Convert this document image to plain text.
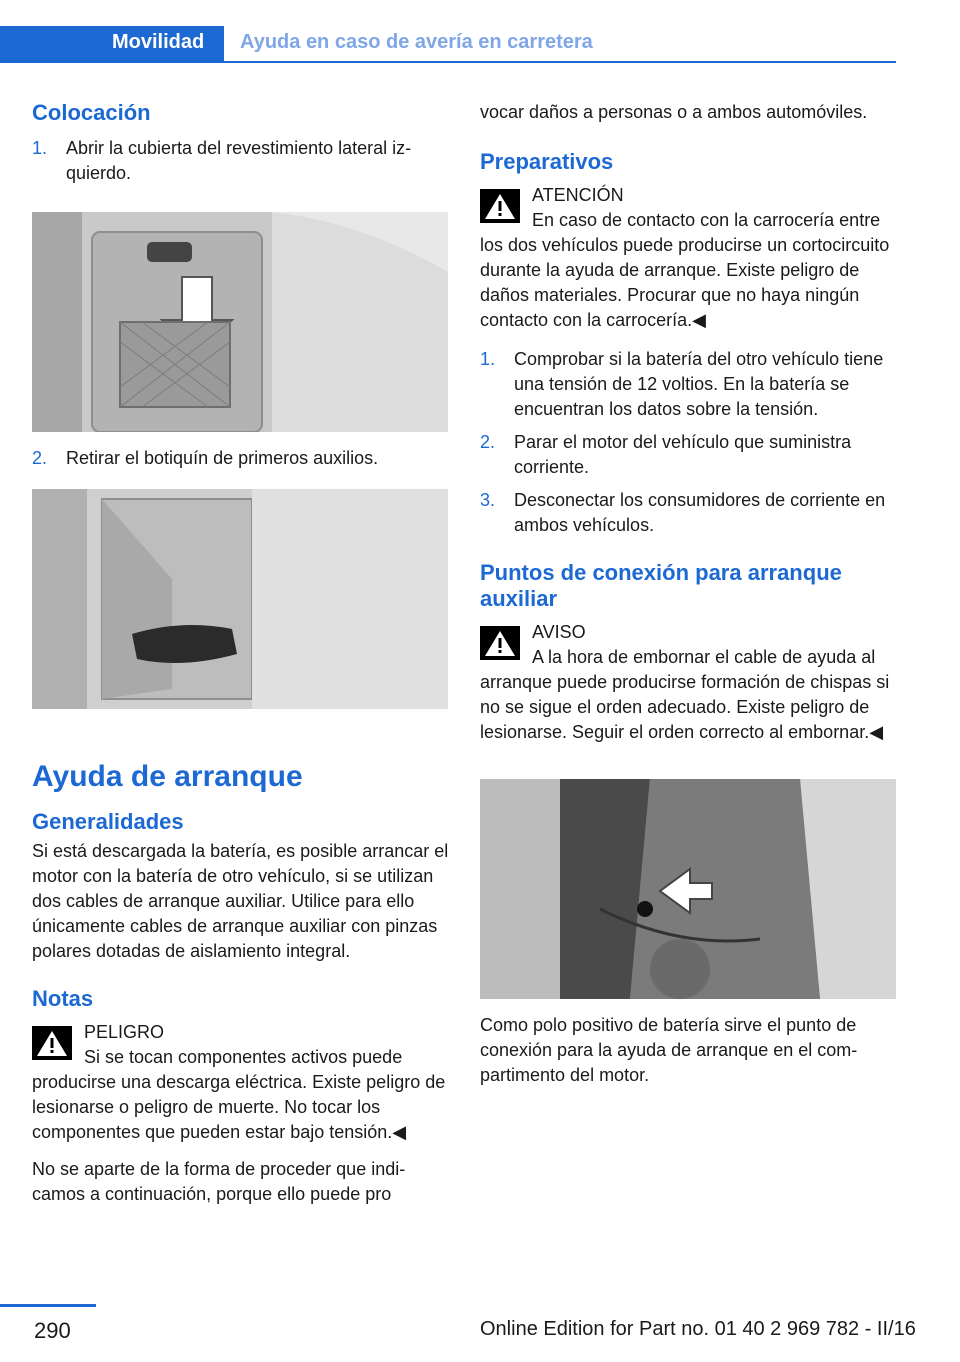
Movilidad Ayuda en caso de avería en carretera
Colocación
1. Abrir la cubierta del revestimiento lateral izquierdo.
2. Retirar el botiquín de primeros auxilios.
Ayuda de arranque
Generalidades

Si está descargada la batería, es posible arrancar el motor con la batería de otro vehículo, si se utilizan dos cables de arranque auxiliar. Utilice para ello únicamente cables de arranque auxiliar con pinzas polares dotadas de aislamiento integral.

Notas
PELIGRO
Si se tocan componentes activos puede producirse una descarga eléctrica. Existe peligro de lesionarse o peligro de muerte. No tocar los componentes que pueden estar bajo tensión.◀

No se aparte de la forma de proceder que indicamos a continuación, porque ello puede pro

vocar daños a personas o a ambos automóviles.

Preparativos
ATENCIÓN
En caso de contacto con la carrocería entre los dos vehículos puede producirse un cortocircuito durante la ayuda de arranque. Existe peligro de daños materiales. Procurar que no haya ningún contacto con la carrocería.◀
1. Comprobar si la batería del otro vehículo tiene una tensión de 12 voltios. En la batería se encuentran los datos sobre la tensión.
2. Parar el motor del vehículo que suministra corriente.
3. Desconectar los consumidores de corriente en ambos vehículos.
Puntos de conexión para arranque auxiliar
AVISO
A la hora de embornar el cable de ayuda al arranque puede producirse formación de chispas si no se sigue el orden adecuado. Existe peligro de lesionarse. Seguir el orden correcto al embornar.◀

Como polo positivo de batería sirve el punto de conexión para la ayuda de arranque en el compartimento del motor.

290	Online Edition for Part no. 01 40 2 969 782 - II/16
